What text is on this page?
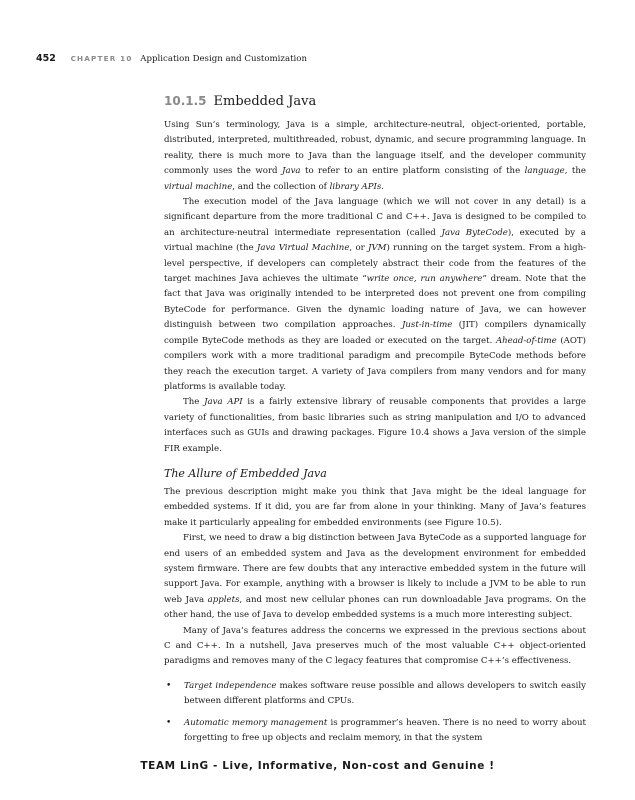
452 CHAPTER 10 Application Design and Customization
10.1.5 Embedded Java

Using Sun’s terminology, Java is a simple, architecture-neutral, object-oriented, portable, distributed, interpreted, multithreaded, robust, dynamic, and secure programming language. In reality, there is much more to Java than the language itself, and the developer community commonly uses the word Java to refer to an entire platform consisting of the language, the virtual machine, and the collection of library APIs.

The execution model of the Java language (which we will not cover in any detail) is a significant departure from the more traditional C and C++. Java is designed to be compiled to an architecture-neutral intermediate representation (called Java ByteCode), executed by a virtual machine (the Java Virtual Machine, or JVM) running on the target system. From a high-level perspective, if developers can completely abstract their code from the features of the target machines Java achieves the ultimate “write once, run anywhere” dream. Note that the fact that Java was originally intended to be interpreted does not prevent one from compiling ByteCode for performance. Given the dynamic loading nature of Java, we can however distinguish between two compilation approaches. Just-in-time (JIT) compilers dynamically compile ByteCode methods as they are loaded or executed on the target. Ahead-of-time (AOT) compilers work with a more traditional paradigm and precompile ByteCode methods before they reach the execution target. A variety of Java compilers from many vendors and for many platforms is available today.

The Java API is a fairly extensive library of reusable components that provides a large variety of functionalities, from basic libraries such as string manipulation and I/O to advanced interfaces such as GUIs and drawing packages. Figure 10.4 shows a Java version of the simple FIR example.

The Allure of Embedded Java

The previous description might make you think that Java might be the ideal language for embedded systems. If it did, you are far from alone in your thinking. Many of Java’s features make it particularly appealing for embedded environments (see Figure 10.5).

First, we need to draw a big distinction between Java ByteCode as a supported language for end users of an embedded system and Java as the development environment for embedded system firmware. There are few doubts that any interactive embedded system in the future will support Java. For example, anything with a browser is likely to include a JVM to be able to run web Java applets, and most new cellular phones can run downloadable Java programs. On the other hand, the use of Java to develop embedded systems is a much more interesting subject.

Many of Java’s features address the concerns we expressed in the previous sections about C and C++. In a nutshell, Java preserves much of the most valuable C++ object-oriented paradigms and removes many of the C legacy features that compromise C++’s effectiveness.

• Target independence makes software reuse possible and allows developers to switch easily between different platforms and CPUs.
• Automatic memory management is programmer’s heaven. There is no need to worry about forgetting to free up objects and reclaim memory, in that the system
TEAM LinG - Live, Informative, Non-cost and Genuine !
